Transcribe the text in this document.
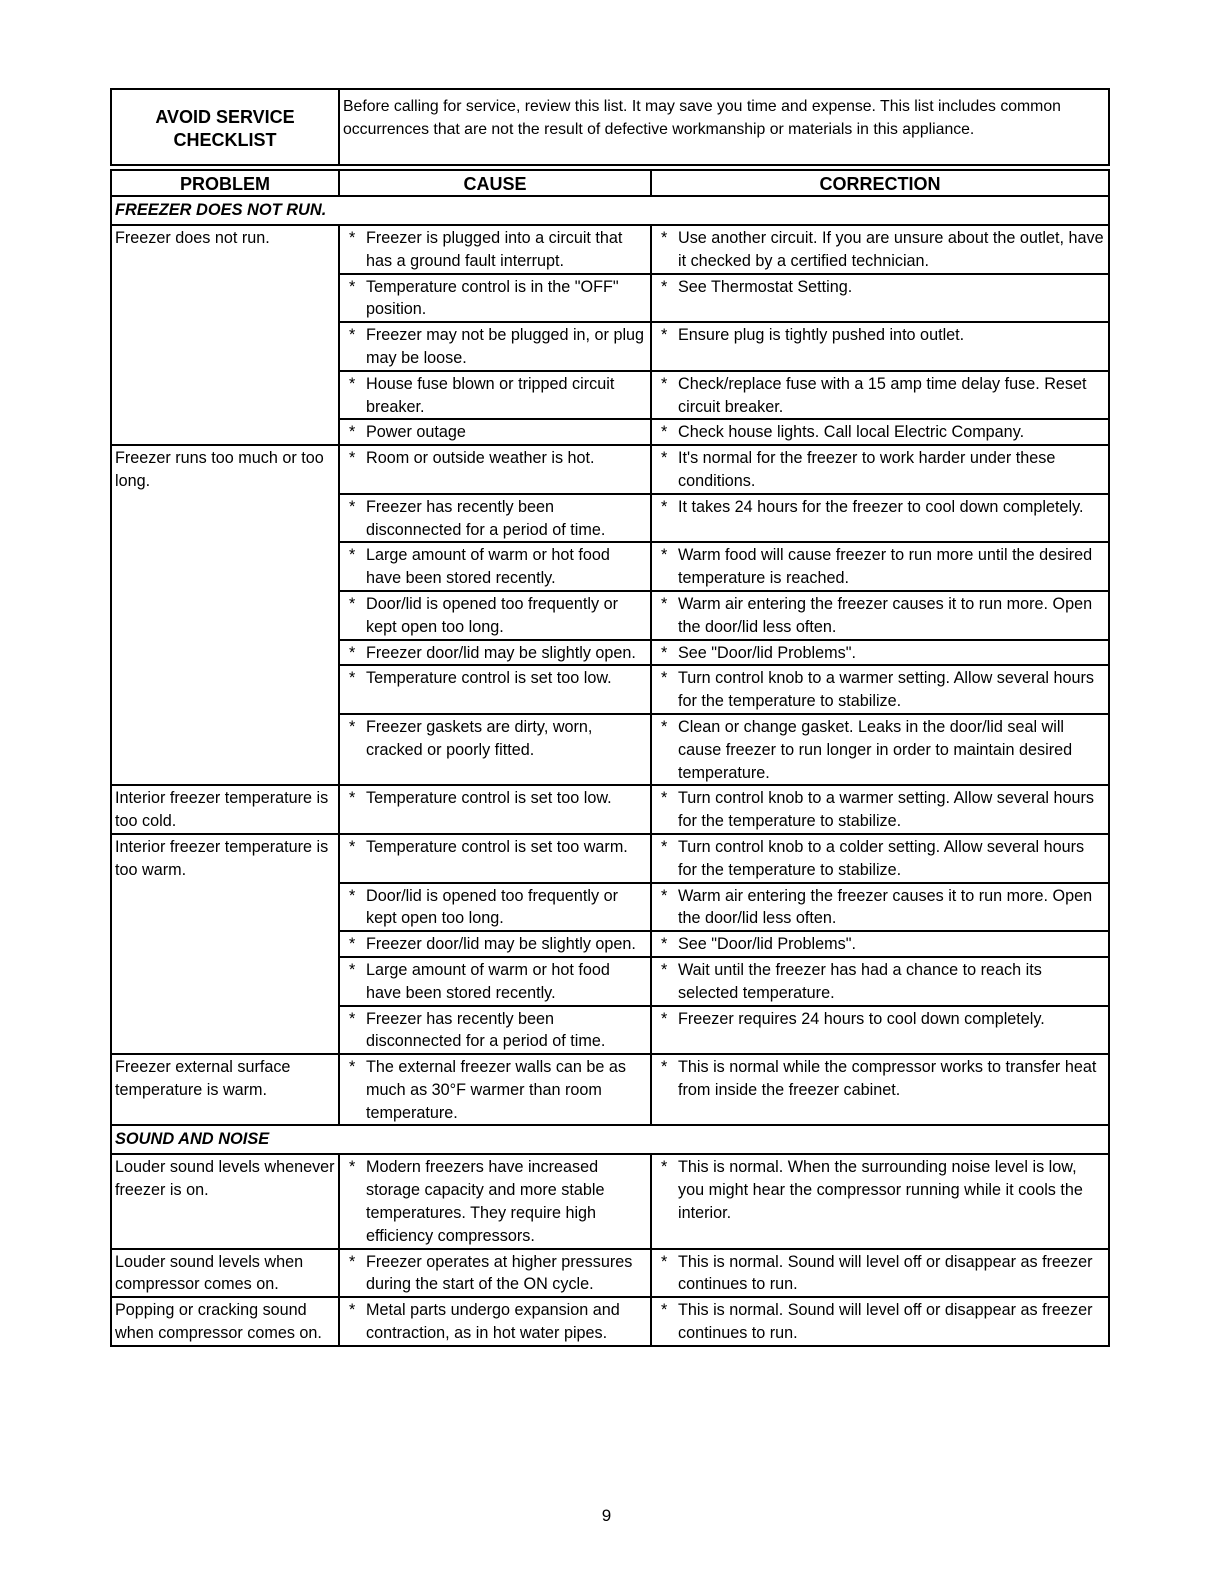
AVOID SERVICE
CHECKLIST	Before calling for service, review this list. It may save you time and expense. This list includes common occurrences that are not the result of defective workmanship or materials in this appliance.	

PROBLEM	CAUSE	CORRECTION
FREEZER DOES NOT RUN.		
Freezer does not run.	* Freezer is plugged into a circuit that has a ground fault interrupt.	* Use another circuit. If you are unsure about the outlet, have it checked by a certified technician.
	* Temperature control is in the "OFF" position.	* See Thermostat Setting.
	* Freezer may not be plugged in, or plug may be loose.	* Ensure plug is tightly pushed into outlet.
	* House fuse blown or tripped circuit breaker.	* Check/replace fuse with a 15 amp time delay fuse. Reset circuit breaker.
	* Power outage	* Check house lights. Call local Electric Company.
Freezer runs too much or too long.	* Room or outside weather is hot.	* It's normal for the freezer to work harder under these conditions.
	* Freezer has recently been disconnected for a period of time.	* It takes 24 hours for the freezer to cool down completely.
	* Large amount of warm or hot food have been stored recently.	* Warm food will cause freezer to run more until the desired temperature is reached.
	* Door/lid is opened too frequently or kept open too long.	* Warm air entering the freezer causes it to run more. Open the door/lid less often.
	* Freezer door/lid may be slightly open.	* See "Door/lid Problems".
	* Temperature control is set too low.	* Turn control knob to a warmer setting. Allow several hours for the temperature to stabilize.
	* Freezer gaskets are dirty, worn, cracked or poorly fitted.	* Clean or change gasket. Leaks in the door/lid seal will cause freezer to run longer in order to maintain desired temperature.
Interior freezer temperature is too cold.	* Temperature control is set too low.	* Turn control knob to a warmer setting. Allow several hours for the temperature to stabilize.
Interior freezer temperature is too warm.	* Temperature control is set too warm.	* Turn control knob to a colder setting. Allow several hours for the temperature to stabilize.
	* Door/lid is opened too frequently or kept open too long.	* Warm air entering the freezer causes it to run more. Open the door/lid less often.
	* Freezer door/lid may be slightly open.	* See "Door/lid Problems".
	* Large amount of warm or hot food have been stored recently.	* Wait until the freezer has had a chance to reach its selected temperature.
	* Freezer has recently been disconnected for a period of time.	* Freezer requires 24 hours to cool down completely.
Freezer external surface temperature is warm.	* The external freezer walls can be as much as 30°F warmer than room temperature.	* This is normal while the compressor works to transfer heat from inside the freezer cabinet.
SOUND AND NOISE		
Louder sound levels whenever freezer is on.	* Modern freezers have increased storage capacity and more stable temperatures. They require high efficiency compressors.	* This is normal. When the surrounding noise level is low, you might hear the compressor running while it cools the interior.
Louder sound levels when compressor comes on.	* Freezer operates at higher pressures during the start of the ON cycle.	* This is normal. Sound will level off or disappear as freezer continues to run.
Popping or cracking sound when compressor comes on.	* Metal parts undergo expansion and contraction, as in hot water pipes.	* This is normal. Sound will level off or disappear as freezer continues to run.
9
